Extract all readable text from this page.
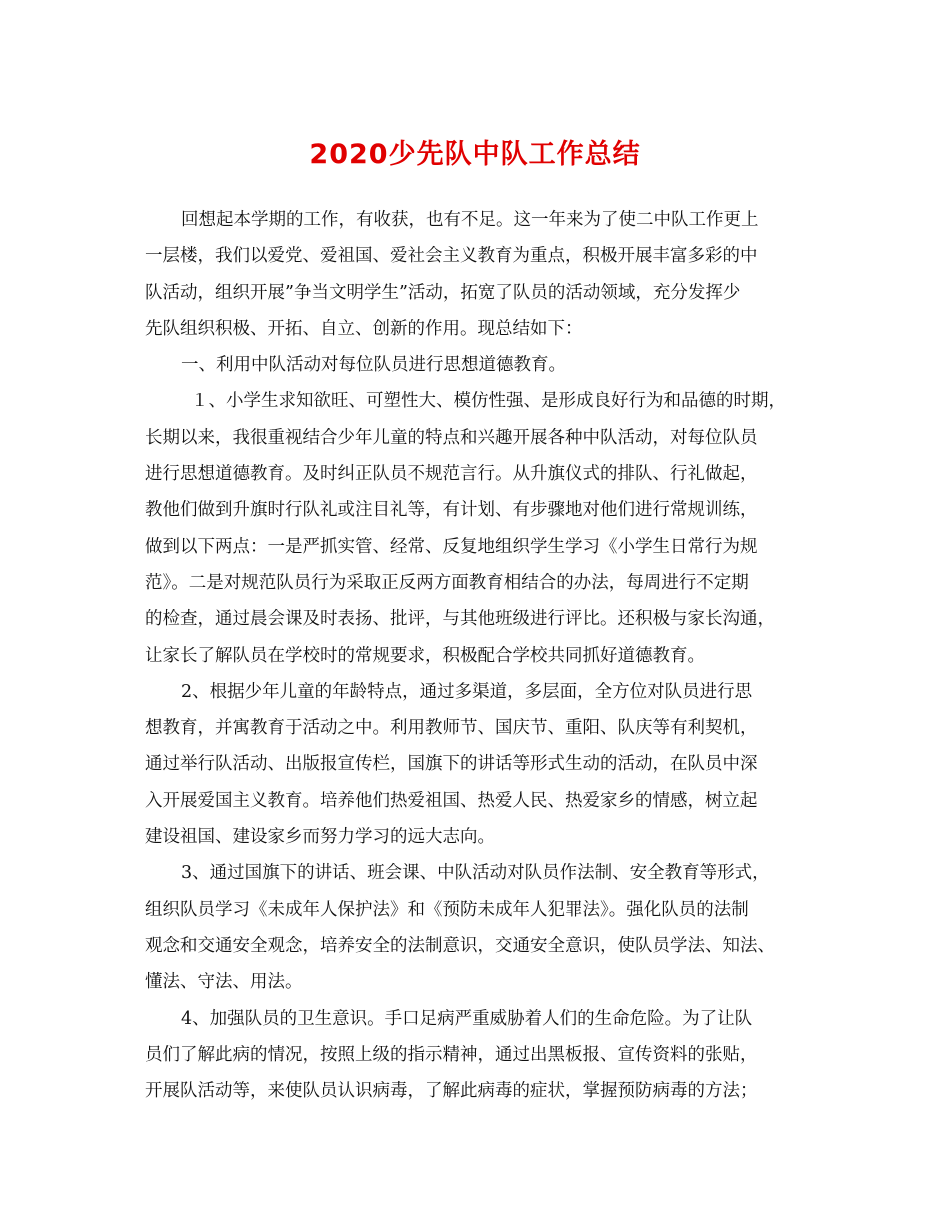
2020少先队中队工作总结
回想起本学期的工作，有收获，也有不足。这一年来为了使二中队工作更上
一层楼，我们以爱党、爱祖国、爱社会主义教育为重点，积极开展丰富多彩的中
队活动，组织开展”争当文明学生”活动，拓宽了队员的活动领域，充分发挥少
先队组织积极、开拓、自立、创新的作用。现总结如下：
一、利用中队活动对每位队员进行思想道德教育。
１、小学生求知欲旺、可塑性大、模仿性强、是形成良好行为和品德的时期，
长期以来，我很重视结合少年儿童的特点和兴趣开展各种中队活动，对每位队员
进行思想道德教育。及时纠正队员不规范言行。从升旗仪式的排队、行礼做起，
教他们做到升旗时行队礼或注目礼等，有计划、有步骤地对他们进行常规训练，
做到以下两点：一是严抓实管、经常、反复地组织学生学习《小学生日常行为规
范》。二是对规范队员行为采取正反两方面教育相结合的办法，每周进行不定期
的检查，通过晨会课及时表扬、批评，与其他班级进行评比。还积极与家长沟通，
让家长了解队员在学校时的常规要求，积极配合学校共同抓好道德教育。
2、根据少年儿童的年龄特点，通过多渠道，多层面，全方位对队员进行思
想教育，并寓教育于活动之中。利用教师节、国庆节、重阳、队庆等有利契机，
通过举行队活动、出版报宣传栏，国旗下的讲话等形式生动的活动，在队员中深
入开展爱国主义教育。培养他们热爱祖国、热爱人民、热爱家乡的情感，树立起
建设祖国、建设家乡而努力学习的远大志向。
3、通过国旗下的讲话、班会课、中队活动对队员作法制、安全教育等形式，
组织队员学习《未成年人保护法》和《预防未成年人犯罪法》。强化队员的法制
观念和交通安全观念，培养安全的法制意识，交通安全意识，使队员学法、知法、
懂法、守法、用法。
4、加强队员的卫生意识。手口足病严重威胁着人们的生命危险。为了让队
员们了解此病的情况，按照上级的指示精神，通过出黑板报、宣传资料的张贴，
开展队活动等，来使队员认识病毒，了解此病毒的症状，掌握预防病毒的方法；
